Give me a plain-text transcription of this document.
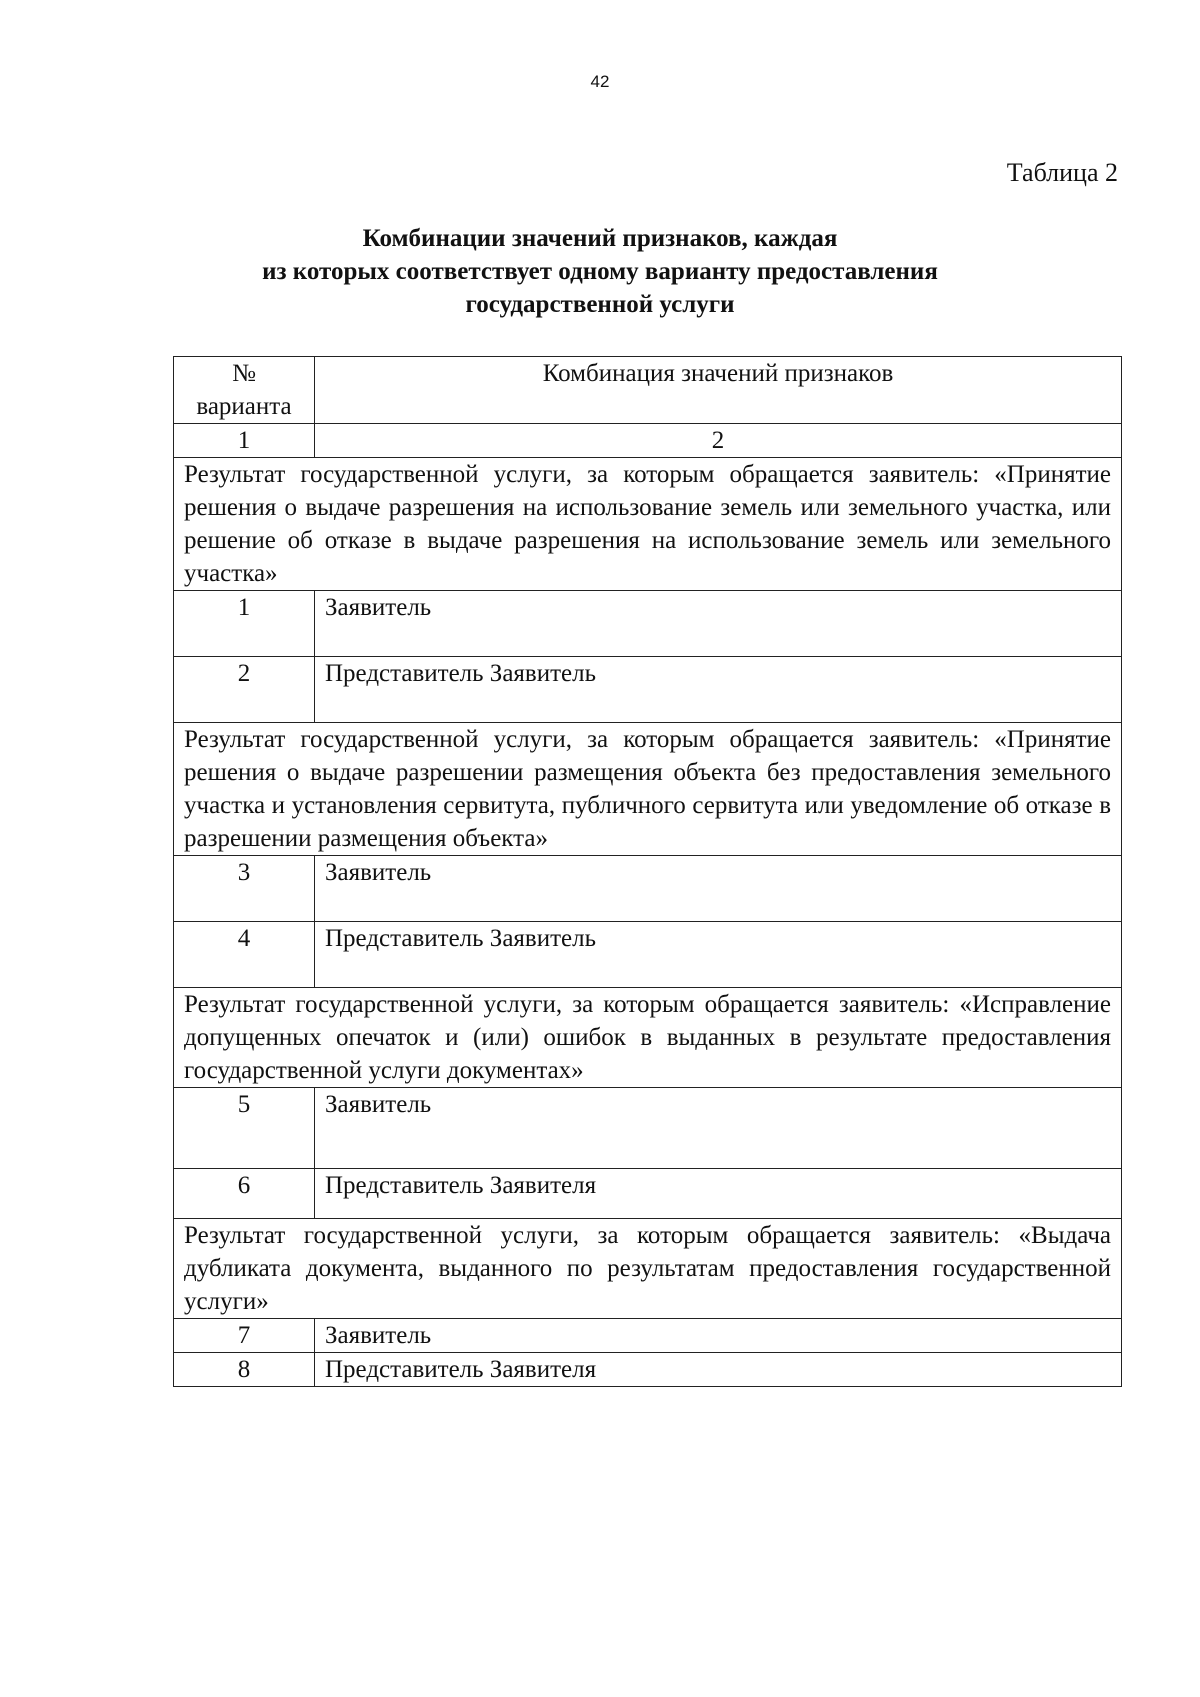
42
Таблица 2
Комбинации значений признаков, каждая
из которых соответствует одному варианту предоставления
государственной услуги
№ варианта	Комбинация значений признаков
1	2
Результат государственной услуги, за которым обращается заявитель: «Принятие решения о выдаче разрешения на использование земель или земельного участка, или решение об отказе в выдаче разрешения на использование земель или земельного участка»	
1	Заявитель
2	Представитель Заявитель
Результат государственной услуги, за которым обращается заявитель: «Принятие решения о выдаче разрешении размещения объекта без предоставления земельного участка и установления сервитута, публичного сервитута или уведомление об отказе в разрешении размещения объекта»	
3	Заявитель
4	Представитель Заявитель
Результат государственной услуги, за которым обращается заявитель: «Исправление допущенных опечаток и (или) ошибок в выданных в результате предоставления государственной услуги документах»	
5	Заявитель
6	Представитель Заявителя
Результат государственной услуги, за которым обращается заявитель: «Выдача дубликата документа, выданного по результатам предоставления государственной услуги»	
7	Заявитель
8	Представитель Заявителя
